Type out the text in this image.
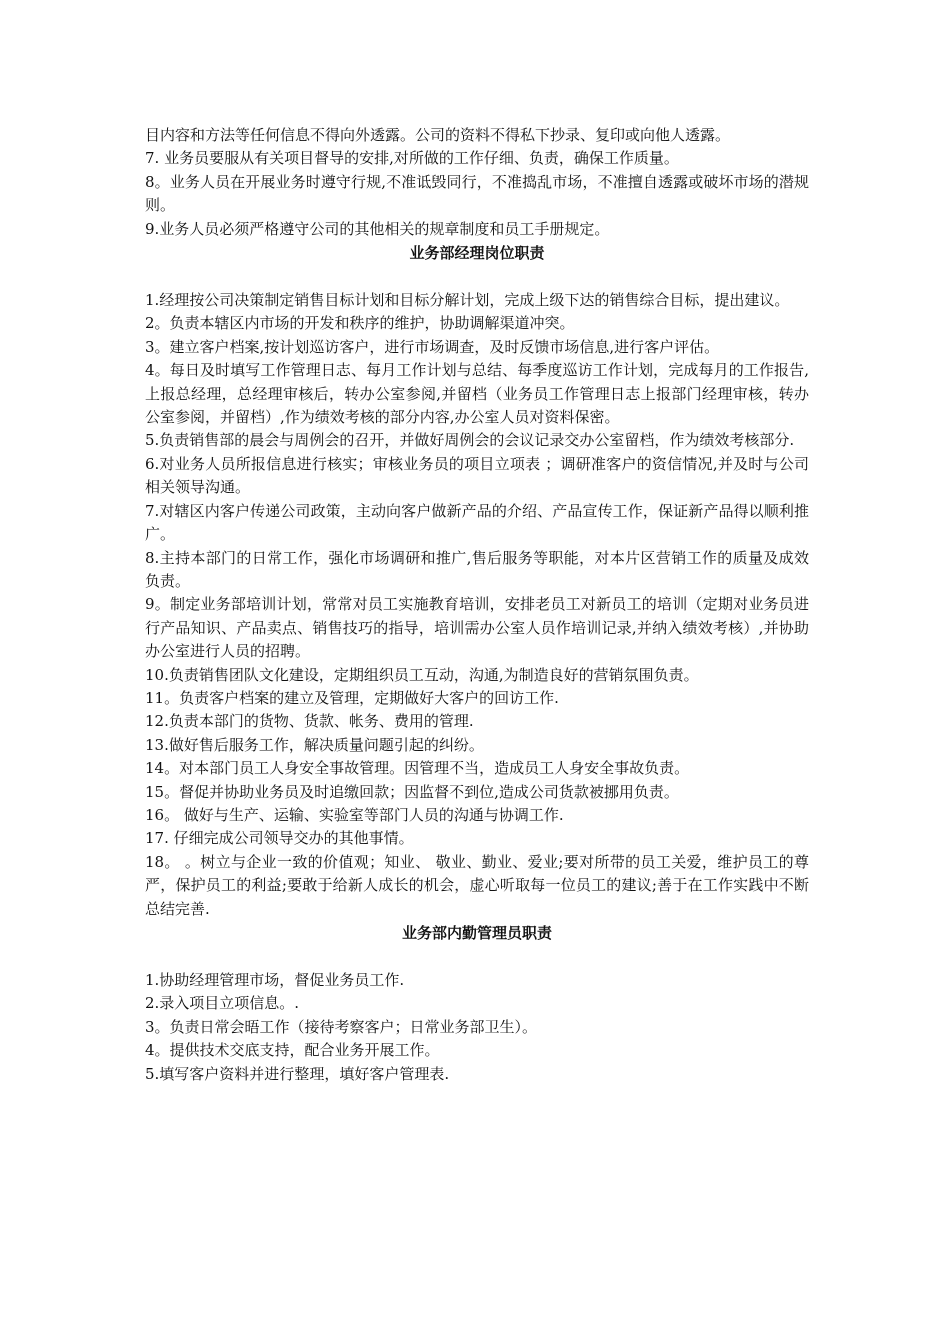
目内容和方法等任何信息不得向外透露。公司的资料不得私下抄录、复印或向他人透露。

7. 业务员要服从有关项目督导的安排,对所做的工作仔细、负责，确保工作质量。

8。业务人员在开展业务时遵守行规,不准诋毁同行，不准捣乱市场，不准擅自透露或破坏市场的潜规则。

9.业务人员必须严格遵守公司的其他相关的规章制度和员工手册规定。

业务部经理岗位职责

1.经理按公司决策制定销售目标计划和目标分解计划，完成上级下达的销售综合目标，提出建议。

2。负责本辖区内市场的开发和秩序的维护，协助调解渠道冲突。

3。建立客户档案,按计划巡访客户，进行市场调查，及时反馈市场信息,进行客户评估。

4。每日及时填写工作管理日志、每月工作计划与总结、每季度巡访工作计划，完成每月的工作报告,上报总经理，总经理审核后，转办公室参阅,并留档（业务员工作管理日志上报部门经理审核，转办公室参阅，并留档）,作为绩效考核的部分内容,办公室人员对资料保密。

5.负责销售部的晨会与周例会的召开，并做好周例会的会议记录交办公室留档，作为绩效考核部分.

6.对业务人员所报信息进行核实；审核业务员的项目立项表 ；调研准客户的资信情况,并及时与公司相关领导沟通。

7.对辖区内客户传递公司政策，主动向客户做新产品的介绍、产品宣传工作，保证新产品得以顺利推广。

8.主持本部门的日常工作，强化市场调研和推广,售后服务等职能，对本片区营销工作的质量及成效负责。

9。制定业务部培训计划，常常对员工实施教育培训，安排老员工对新员工的培训（定期对业务员进行产品知识、产品卖点、销售技巧的指导，培训需办公室人员作培训记录,并纳入绩效考核）,并协助办公室进行人员的招聘。

10.负责销售团队文化建设，定期组织员工互动，沟通,为制造良好的营销氛围负责。

11。负责客户档案的建立及管理，定期做好大客户的回访工作.

12.负责本部门的货物、货款、帐务、费用的管理.

13.做好售后服务工作，解决质量问题引起的纠纷。

14。对本部门员工人身安全事故管理。因管理不当，造成员工人身安全事故负责。

15。督促并协助业务员及时追缴回款；因监督不到位,造成公司货款被挪用负责。

16。 做好与生产、运输、实验室等部门人员的沟通与协调工作.

17. 仔细完成公司领导交办的其他事情。

18。 。树立与企业一致的价值观；知业、 敬业、勤业、爱业;要对所带的员工关爱，维护员工的尊严，保护员工的利益;要敢于给新人成长的机会，虚心听取每一位员工的建议;善于在工作实践中不断总结完善.

业务部内勤管理员职责

1.协助经理管理市场，督促业务员工作.

2.录入项目立项信息。.

3。负责日常会晤工作（接待考察客户；日常业务部卫生）。

4。提供技术交底支持，配合业务开展工作。

5.填写客户资料并进行整理，填好客户管理表.
